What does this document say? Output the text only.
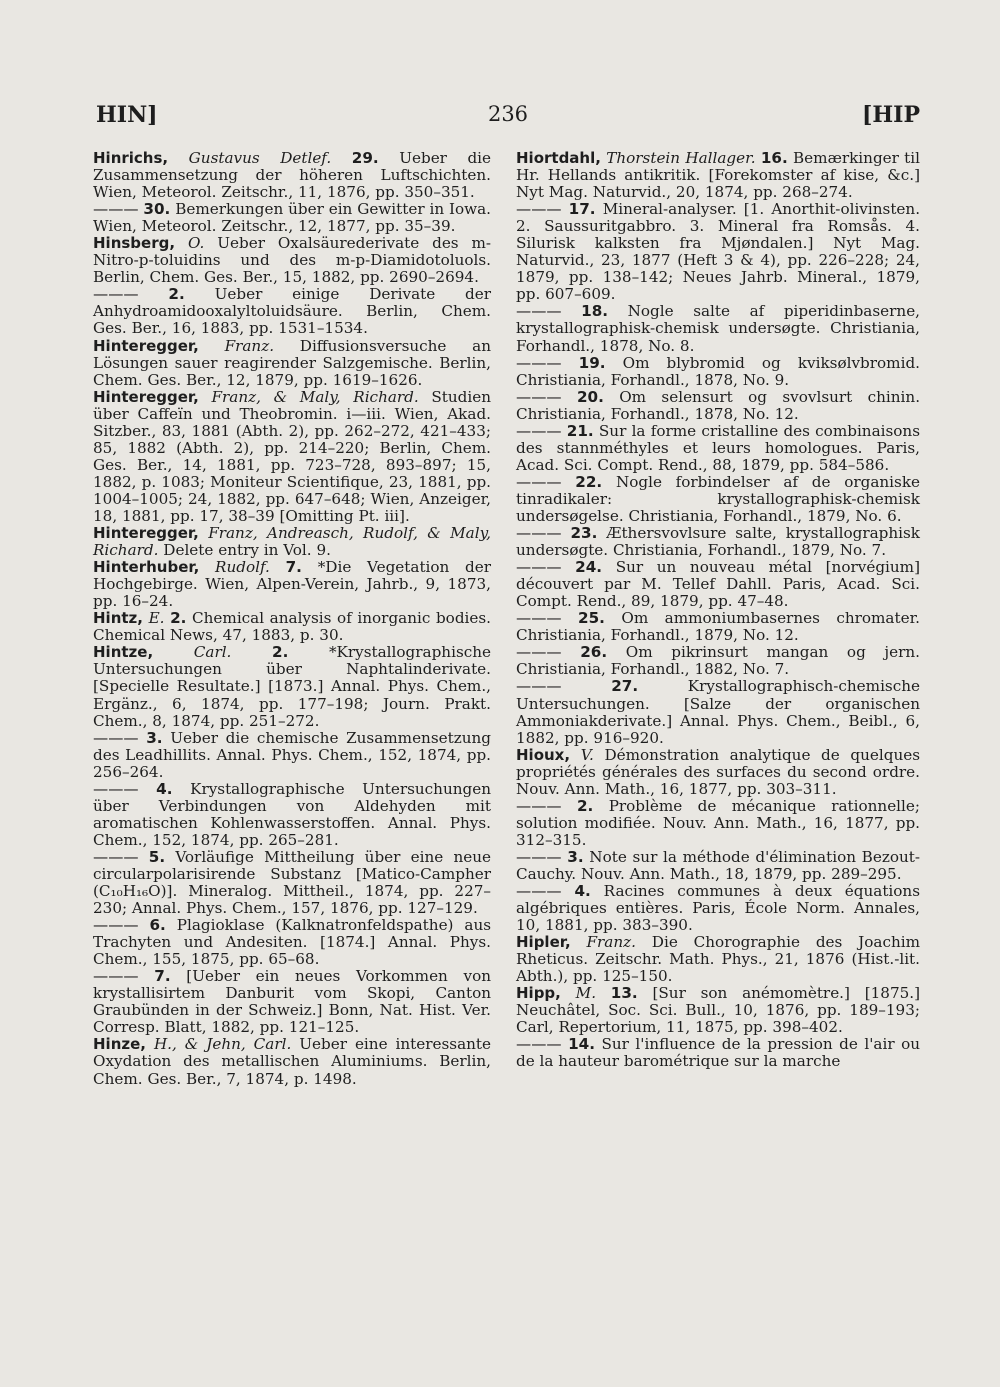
HIN]	236	[HIP

Hinrichs, Gustavus Detlef. 29. Ueber die Zusammensetzung der höheren Luftschichten. Wien, Meteorol. Zeitschr., 11, 1876, pp. 350–351.

——— 30. Bemerkungen über ein Gewitter in Iowa. Wien, Meteorol. Zeitschr., 12, 1877, pp. 35–39.

Hinsberg, O. Ueber Oxalsäurederivate des m-Nitro-p-toluidins und des m-p-Diamidotoluols. Berlin, Chem. Ges. Ber., 15, 1882, pp. 2690–2694.

——— 2. Ueber einige Derivate der Anhydroamidooxalyltoluidsäure. Berlin, Chem. Ges. Ber., 16, 1883, pp. 1531–1534.

Hinteregger, Franz. Diffusionsversuche an Lösungen sauer reagirender Salzgemische. Berlin, Chem. Ges. Ber., 12, 1879, pp. 1619–1626.

Hinteregger, Franz, & Maly, Richard. Studien über Caffeïn und Theobromin. i—iii. Wien, Akad. Sitzber., 83, 1881 (Abth. 2), pp. 262–272, 421–433; 85, 1882 (Abth. 2), pp. 214–220; Berlin, Chem. Ges. Ber., 14, 1881, pp. 723–728, 893–897; 15, 1882, p. 1083; Moniteur Scientifique, 23, 1881, pp. 1004–1005; 24, 1882, pp. 647–648; Wien, Anzeiger, 18, 1881, pp. 17, 38–39 [Omitting Pt. iii].

Hinteregger, Franz, Andreasch, Rudolf, & Maly, Richard. Delete entry in Vol. 9.

Hinterhuber, Rudolf. 7. *Die Vegetation der Hochgebirge. Wien, Alpen-Verein, Jahrb., 9, 1873, pp. 16–24.

Hintz, E. 2. Chemical analysis of inorganic bodies. Chemical News, 47, 1883, p. 30.

Hintze,	Carl.	2.	*Krystallographische Untersuchungen über Naphtalinderivate. [Specielle Resultate.] [1873.] Annal. Phys. Chem., Ergänz., 6, 1874, pp. 177–198; Journ. Prakt. Chem., 8, 1874, pp. 251–272.

——— 3. Ueber die chemische Zusammensetzung des Leadhillits. Annal. Phys. Chem., 152, 1874, pp. 256–264.

——— 4. Krystallographische Untersuchungen über Verbindungen von Aldehyden mit aromatischen Kohlenwasserstoffen. Annal. Phys. Chem., 152, 1874, pp. 265–281.

——— 5. Vorläufige Mittheilung über eine neue circularpolarisirende Substanz [Matico-Campher (C₁₀H₁₆O)]. Mineralog. Mittheil., 1874, pp. 227–230; Annal. Phys. Chem., 157, 1876, pp. 127–129.

——— 6. Plagioklase (Kalknatronfeldspathe) aus Trachyten und Andesiten. [1874.] Annal. Phys. Chem., 155, 1875, pp. 65–68.

——— 7. [Ueber ein neues Vorkommen von krystallisirtem Danburit vom Skopi, Canton Graubünden in der Schweiz.] Bonn, Nat. Hist. Ver. Corresp. Blatt, 1882, pp. 121–125.

Hinze, H., & Jehn, Carl. Ueber eine interessante Oxydation des metallischen Aluminiums. Berlin, Chem. Ges. Ber., 7, 1874, p. 1498.

Hiortdahl, Thorstein Hallager. 16. Bemærkinger til Hr. Hellands antikritik. [Forekomster af kise, &c.] Nyt Mag. Naturvid., 20, 1874, pp. 268–274.

——— 17. Mineral-analyser. [1. Anorthit-olivinsten. 2. Saussuritgabbro. 3. Mineral fra Romsås. 4. Silurisk kalksten fra Mjøndalen.] Nyt Mag. Naturvid., 23, 1877 (Heft 3 & 4), pp. 226–228; 24, 1879, pp. 138–142; Neues Jahrb. Mineral., 1879, pp. 607–609.

——— 18. Nogle salte af piperidinbaserne, krystallographisk-chemisk undersøgte. Christiania, Forhandl., 1878, No. 8.

——— 19. Om blybromid og kviksølvbromid. Christiania, Forhandl., 1878, No. 9.

——— 20. Om selensurt og svovlsurt chinin. Christiania, Forhandl., 1878, No. 12.

——— 21. Sur la forme cristalline des combinaisons des stannméthyles et leurs homologues. Paris, Acad. Sci. Compt. Rend., 88, 1879, pp. 584–586.

——— 22. Nogle forbindelser af de organiske tinradikaler: krystallographisk-chemisk undersøgelse. Christiania, Forhandl., 1879, No. 6.

——— 23. Æthersvovlsure salte, krystallographisk undersøgte. Christiania, Forhandl., 1879, No. 7.

——— 24. Sur un nouveau métal [norvégium] découvert par M. Tellef Dahll. Paris, Acad. Sci. Compt. Rend., 89, 1879, pp. 47–48.

——— 25. Om ammoniumbasernes chromater. Christiania, Forhandl., 1879, No. 12.

——— 26. Om pikrinsurt mangan og jern. Christiania, Forhandl., 1882, No. 7.

——— 27.	Krystallographisch-chemische Untersuchungen. [Salze der organischen Ammoniakderivate.] Annal. Phys. Chem., Beibl., 6, 1882, pp. 916–920.

Hioux, V. Démonstration analytique de quelques propriétés générales des surfaces du second ordre. Nouv. Ann. Math., 16, 1877, pp. 303–311.

——— 2. Problème de mécanique rationnelle; solution modifiée. Nouv. Ann. Math., 16, 1877, pp. 312–315.

——— 3. Note sur la méthode d'élimination Bezout-Cauchy. Nouv. Ann. Math., 18, 1879, pp. 289–295.

——— 4. Racines communes à deux équations algébriques entières. Paris, École Norm. Annales, 10, 1881, pp. 383–390.

Hipler, Franz. Die Chorographie des Joachim Rheticus. Zeitschr. Math. Phys., 21, 1876 (Hist.-lit. Abth.), pp. 125–150.

Hipp, M. 13. [Sur son anémomètre.] [1875.] Neuchâtel, Soc. Sci. Bull., 10, 1876, pp. 189–193; Carl, Repertorium, 11, 1875, pp. 398–402.

——— 14. Sur l'influence de la pression de l'air ou de la hauteur barométrique sur la marche
